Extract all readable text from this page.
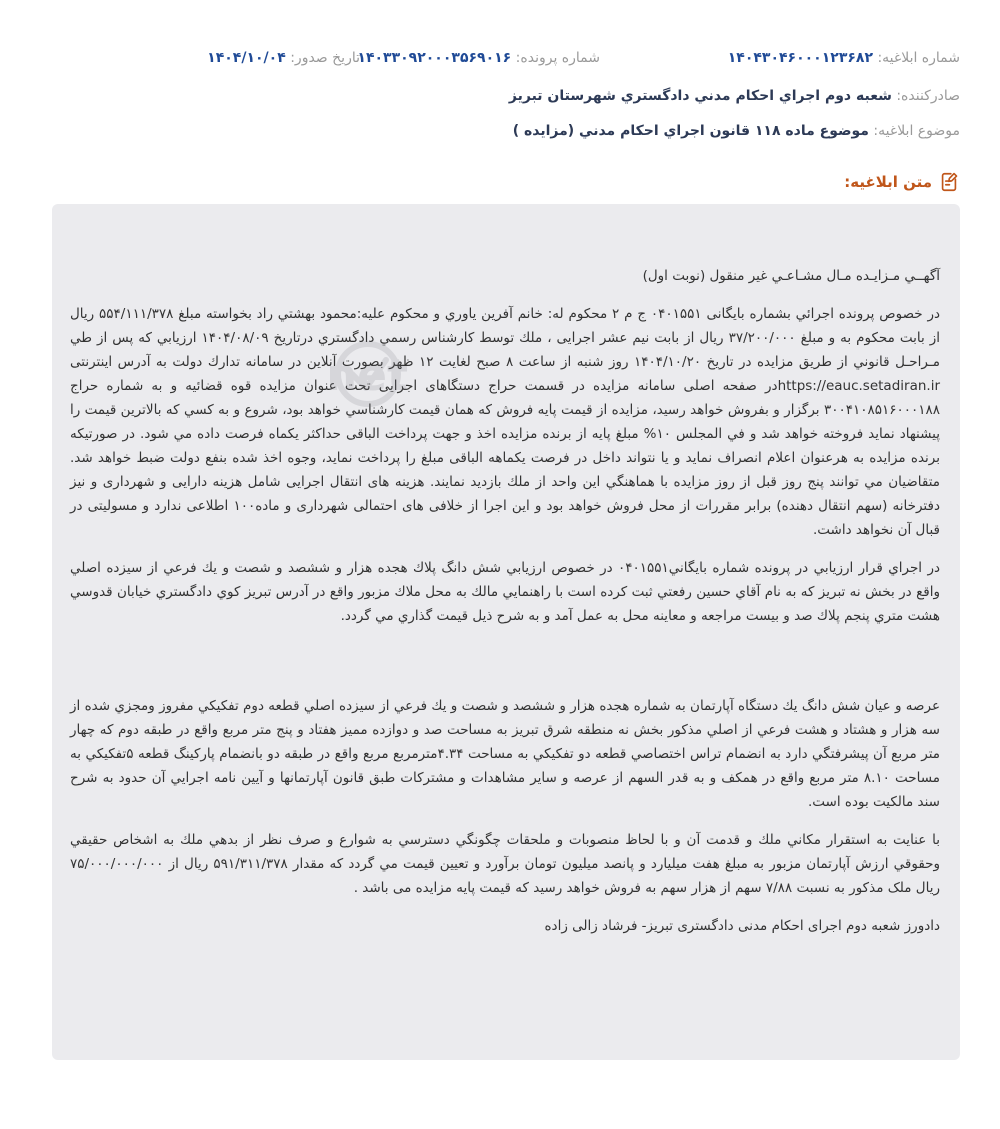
شماره ابلاغیه: ۱۴۰۴۳۰۴۶۰۰۰۱۲۳۶۸۲
شماره پرونده: ۱۴۰۳۳۰۹۲۰۰۰۳۵۶۹۰۱۶
تاریخ صدور: ۱۴۰۴/۱۰/۰۴
صادرکننده: شعبه دوم اجراي احكام مدني دادگستري شهرستان تبريز
موضوع ابلاغیه: موضوع ماده ۱۱۸ قانون اجراي احكام مدني (مزايده )
متن ابلاغیه:

آگهــي مـزايـده مـال مشـاعـي غير منقول (نوبت اول)

در خصوص پرونده اجرائي بشماره بايگانى ۰۴۰۱۵۵۱ ج م ۲ محكوم له: خانم آفرين ياوري و محكوم عليه:محمود بهشتي راد بخواسته مبلغ ۵۵۴/۱۱۱/۳۷۸ ريال از بابت محكوم به و مبلغ ۳۷/۲۰۰/۰۰۰ ريال از بابت نيم عشر اجرايى ، ملك توسط كارشناس رسمي دادگستري درتاريخ ۱۴۰۴/۰۸/۰۹ ارزيابي كه پس از طي مـراحـل قانوني از طريق مزايده در تاريخ ۱۴۰۴/۱۰/۲۰ روز شنبه از ساعت ۸ صبح لغايت ۱۲ ظهر بصورت آنلاين در سامانه تدارك دولت به آدرس اينترنتى https://eauc.setadiran.irدر صفحه اصلی سامانه مزايده در قسمت حراج دستگاهای اجرایی تحت عنوان مزايده قوه قضائيه و به شماره حراج ۳۰۰۴۱۰۸۵۱۶۰۰۰۱۸۸ برگزار و بفروش خواهد رسيد، مزايده از قيمت پايه فروش كه همان قيمت كارشناسي خواهد بود، شروع و به كسي كه بالاترين قيمت را پيشنهاد نمايد فروخته خواهد شد و في المجلس ۱۰% مبلغ پايه از برنده مزايده اخذ و جهت پرداخت الباقى حداكثر يكماه فرصت داده مي شود. در صورتيكه برنده مزايده به هرعنوان اعلام انصراف نمايد و يا نتواند داخل در فرصت يكماهه الباقى مبلغ را پرداخت نمايد، وجوه اخذ شده بنفع دولت ضبط خواهد شد. متقاضيان مي توانند پنج روز قبل از روز مزايده با هماهنگي اين واحد از ملك بازديد نمايند. هزينه هاى انتقال اجرايى شامل هزينه دارايى و شهرداری و نيز دفترخانه (سهم انتقال دهنده) برابر مقررات از محل فروش خواهد بود و اين اجرا از خلافى هاى احتمالى شهردارى و ماده۱۰۰ اطلاعى ندارد و مسوليتى در قبال آن نخواهد داشت.

در اجراي قرار ارزيابي در پرونده شماره بايگاني۰۴۰۱۵۵۱ در خصوص ارزيابي شش دانگ پلاك هجده هزار و ششصد و شصت و يك فرعي از سيزده اصلي واقع در بخش نه تبريز كه به نام آقاي حسين رفعتي ثبت كرده است با راهنمايي مالك به محل ملاك مزبور واقع در آدرس تبريز كوي دادگستري خيابان قدوسي هشت متري پنجم پلاك صد و بيست مراجعه و معاينه محل به عمل آمد و به شرح ذيل قيمت گذاري مي گردد.

عرصه و عيان شش دانگ يك دستگاه آپارتمان به شماره هجده هزار و ششصد و شصت و يك فرعي از سيزده اصلي قطعه دوم تفكيكي مفروز ومجزي شده از سه هزار و هشتاد و هشت فرعي از اصلي مذكور بخش نه منطقه شرق تبريز به مساحت صد و دوازده مميز هفتاد و پنج متر مربع واقع در طبقه دوم كه چهار متر مربع آن پيشرفتگي دارد به انضمام تراس اختصاصي قطعه دو تفكيكي به مساحت ۴.۳۴مترمربع مربع واقع در طبقه دو بانضمام پاركينگ قطعه ۵تفكيكي به مساحت ۸.۱۰ متر مربع واقع در همكف و به قدر السهم از عرصه و ساير مشاهدات و مشتركات طبق قانون آپارتمانها و آيين نامه اجرايي آن حدود به شرح سند مالكيت بوده است.

با عنايت به استقرار مكاني ملك و قدمت آن و با لحاظ منصوبات و ملحقات چگونگي دسترسي به شوارع و صرف نظر از بدهي ملك به اشخاص حقيقي وحقوقي ارزش آپارتمان مزبور به مبلغ هفت ميليارد و پانصد ميليون تومان برآورد و تعيين قيمت مي گردد كه مقدار ۵۹۱/۳۱۱/۳۷۸ ريال از ۷۵/۰۰۰/۰۰۰/۰۰۰ ريال ملک مذکور به نسبت ۷/۸۸ سهم از هزار سهم به فروش خواهد رسيد كه قيمت پايه مزايده می باشد .

دادورز شعبه دوم اجرای احکام مدنی دادگستری تبریز- فرشاد زالی زاده
